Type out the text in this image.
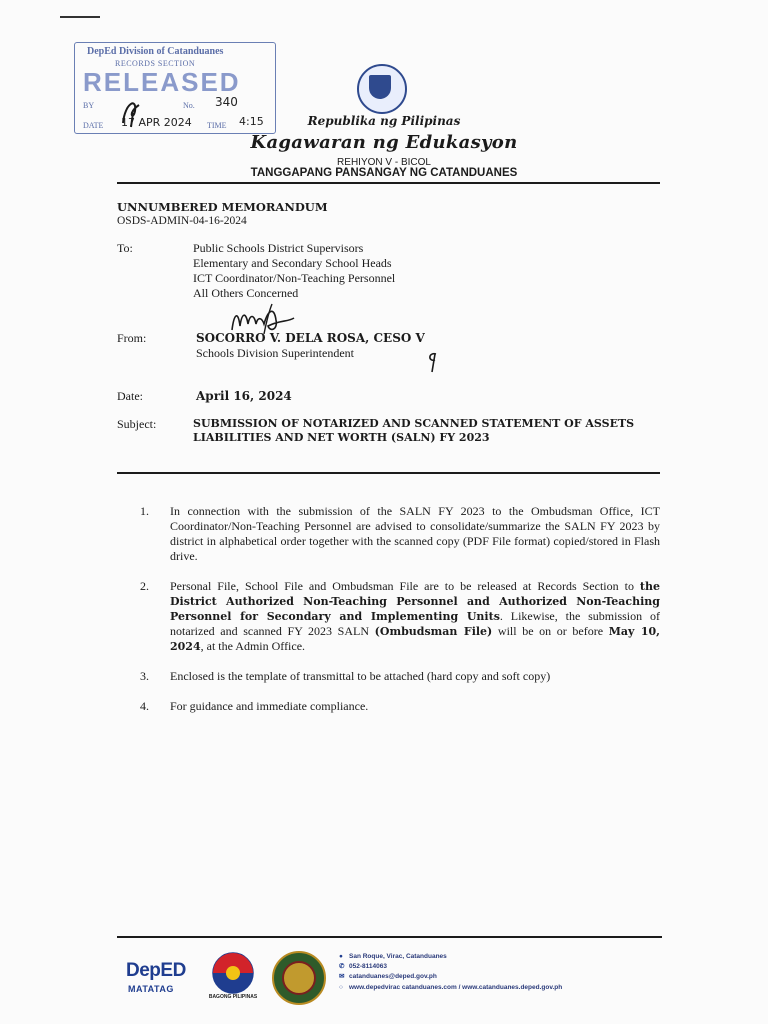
DepEd Division of Catanduanes
RECORDS SECTION
RELEASED
BY	No. 340
DATE 17 APR 2024 TIME 4:15	Republika ng Pilipinas
Kagawaran ng Edukasyon
REHIYON V - BICOL
TANGGAPANG PANSANGAY NG CATANDUANES
UNNUMBERED MEMORANDUM
OSDS-ADMIN-04-16-2024
To:	Public Schools District Supervisors
Elementary and Secondary School Heads
ICT Coordinator/Non-Teaching Personnel
All Others Concerned
From:	SOCORRO V. DELA ROSA, CESO V
Schools Division Superintendent
Date:	April 16, 2024
Subject:	SUBMISSION OF NOTARIZED AND SCANNED STATEMENT OF ASSETS LIABILITIES AND NET WORTH (SALN) FY 2023
1. In connection with the submission of the SALN FY 2023 to the Ombudsman Office, ICT Coordinator/Non-Teaching Personnel are advised to consolidate/summarize the SALN FY 2023 by district in alphabetical order together with the scanned copy (PDF File format) copied/stored in Flash drive.
2. Personal File, School File and Ombudsman File are to be released at Records Section to the District Authorized Non-Teaching Personnel and Authorized Non-Teaching Personnel for Secondary and Implementing Units. Likewise, the submission of notarized and scanned FY 2023 SALN (Ombudsman File) will be on or before May 10, 2024, at the Admin Office.
3. Enclosed is the template of transmittal to be attached (hard copy and soft copy)
4. For guidance and immediate compliance.
DepED
MATATAG
BAGONG PILIPINAS
● San Roque, Virac, Catanduanes
✆ 052-8114063
✉ catanduanes@deped.gov.ph
○ www.depedvirac catanduanes.com / www.catanduanes.deped.gov.ph
